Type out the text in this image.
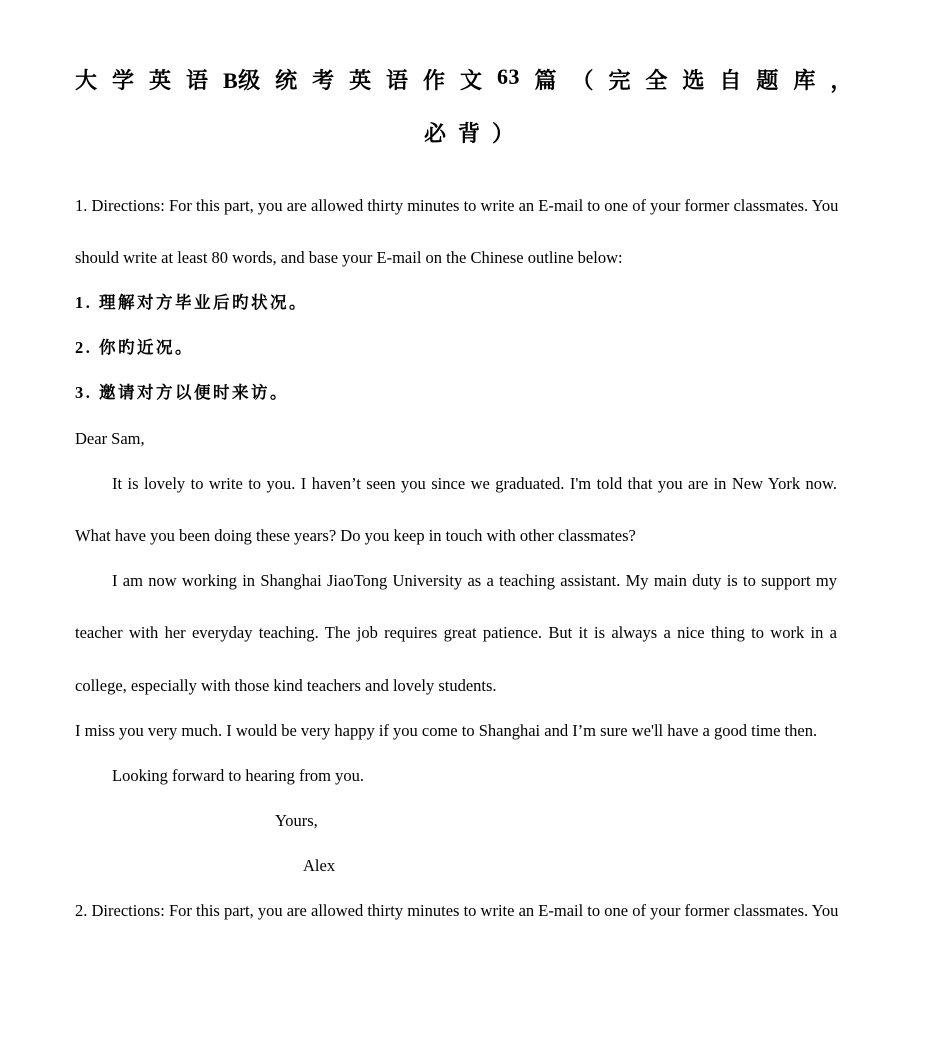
大 学 英 语 B级 统 考 英 语 作 文 63 篇 （ 完 全 选 自 题 库 ，
必背）
1. Directions: For this part, you are allowed thirty minutes to write an E-mail to one of your former classmates. You
should write at least 80 words, and base your E-mail on the Chinese outline below:
1. 理解对方毕业后旳状况。
2. 你旳近况。
3. 邀请对方以便时来访。
Dear Sam,
It is lovely to write to you. I haven’t seen you since we graduated. I'm told that you are in New York now.
What have you been doing these years? Do you keep in touch with other classmates?
I am now working in Shanghai JiaoTong University as a teaching assistant. My main duty is to support my
teacher with her everyday teaching. The job requires great patience. But it is always a nice thing to work in a
college, especially with those kind teachers and lovely students.
I miss you very much. I would be very happy if you come to Shanghai and I’m sure we'll have a good time then.
Looking forward to hearing from you.
Yours,
Alex
2. Directions: For this part, you are allowed thirty minutes to write an E-mail to one of your former classmates. You
